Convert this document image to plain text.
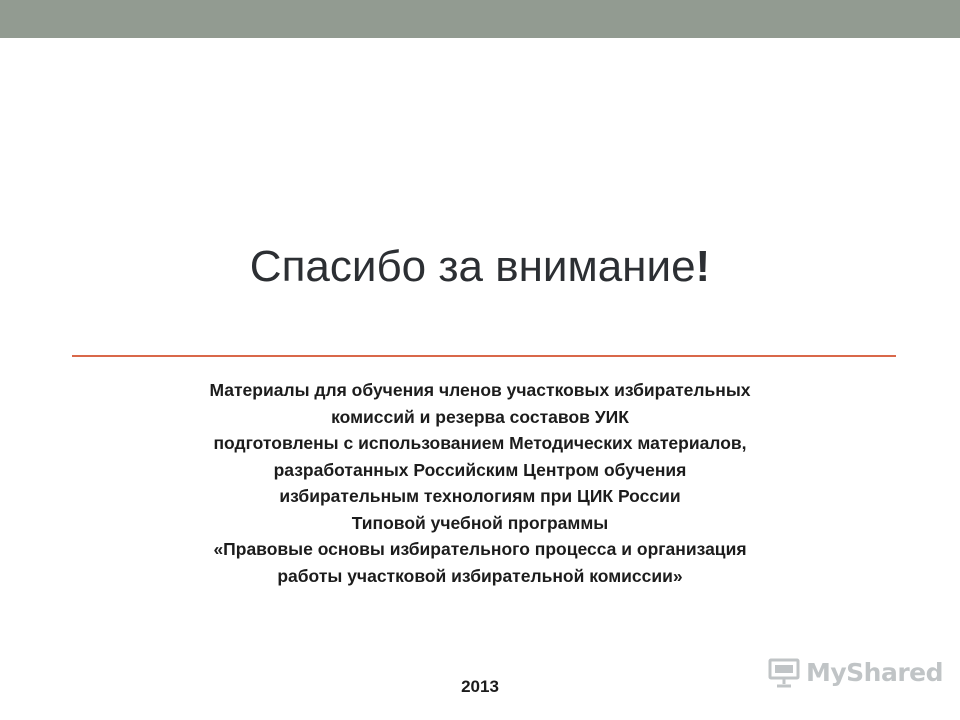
Спасибо за внимание!
Материалы для обучения членов участковых избирательных
комиссий и резерва составов УИК
подготовлены с использованием Методических материалов,
разработанных Российским Центром обучения
избирательным технологиям при ЦИК России
Типовой учебной программы
«Правовые основы избирательного процесса и организация
работы участковой избирательной комиссии»
2013	MyShared
